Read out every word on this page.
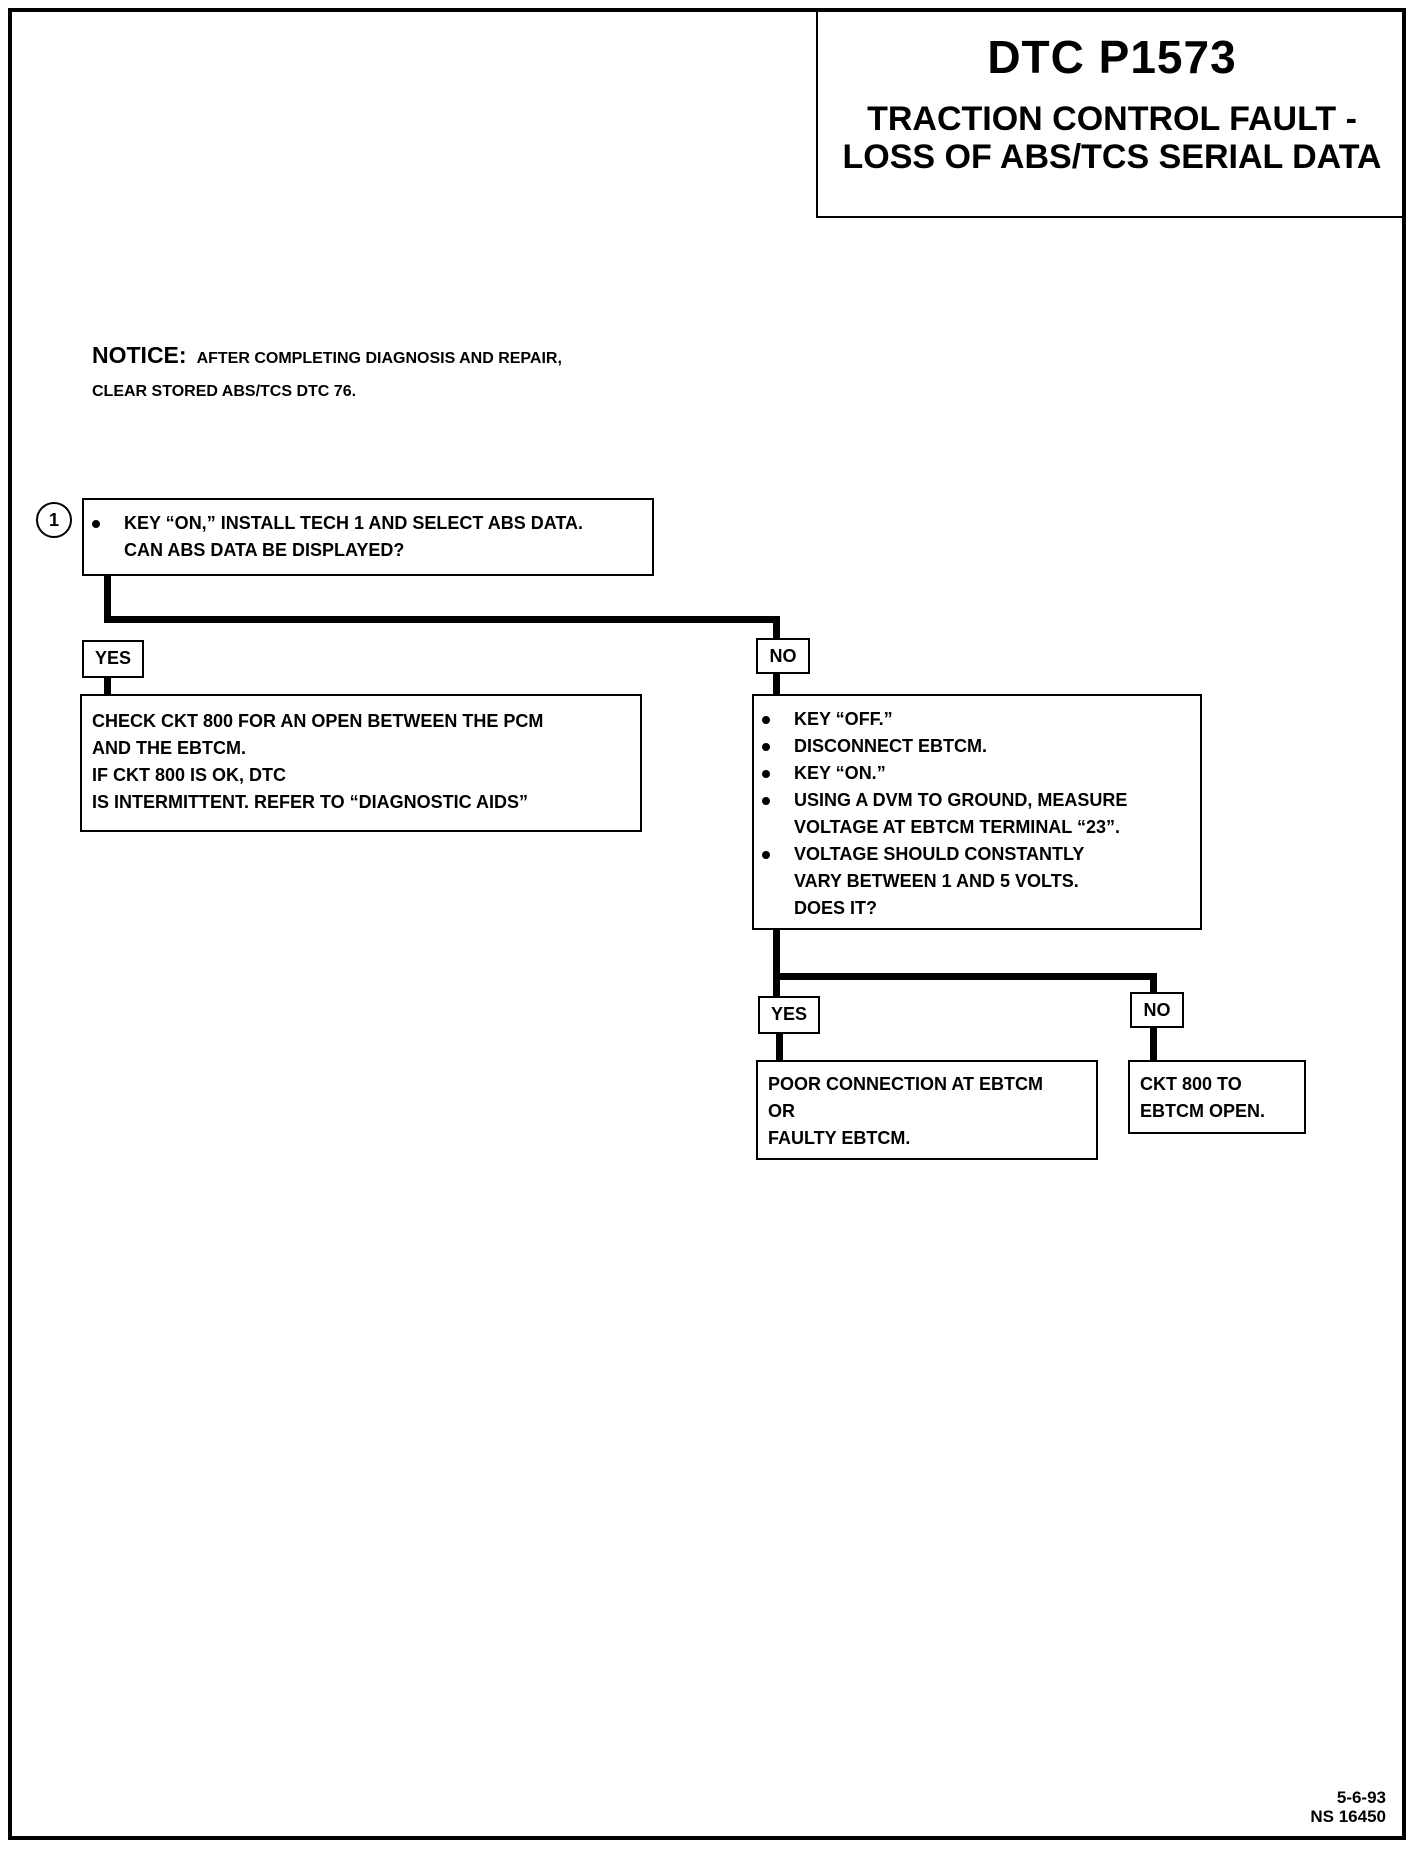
DTC P1573
TRACTION CONTROL FAULT -
LOSS OF ABS/TCS SERIAL DATA
NOTICE: AFTER COMPLETING DIAGNOSIS AND REPAIR,
CLEAR STORED ABS/TCS DTC 76.
1	KEY “ON,” INSTALL TECH 1 AND SELECT ABS DATA.
CAN ABS DATA BE DISPLAYED?
YES	NO
CHECK CKT 800 FOR AN OPEN BETWEEN THE PCM
AND THE EBTCM.
IF CKT 800 IS OK, DTC
IS INTERMITTENT. REFER TO “DIAGNOSTIC AIDS”
KEY “OFF.”
DISCONNECT EBTCM.
KEY “ON.”
USING A DVM TO GROUND, MEASURE
VOLTAGE AT EBTCM TERMINAL “23”.
VOLTAGE SHOULD CONSTANTLY
VARY BETWEEN 1 AND 5 VOLTS.
DOES IT?
YES	NO
POOR CONNECTION AT EBTCM
OR
FAULTY EBTCM.
CKT 800 TO
EBTCM OPEN.
5-6-93
NS 16450
